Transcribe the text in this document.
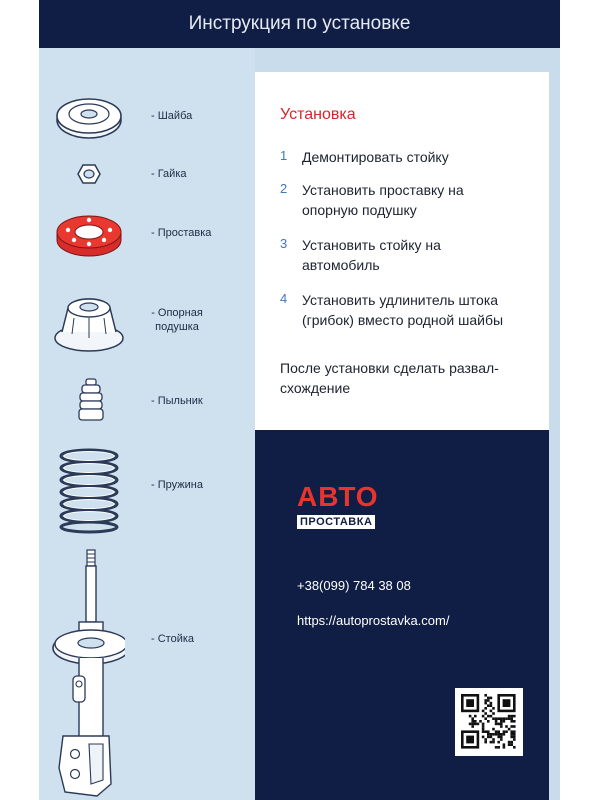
Инструкция по установке
- Шайба
- Гайка
- Проставка
- Опорная подушка
- Пыльник
- Пружина
- Стойка
Установка
1 Демонтировать стойку
2 Установить проставку на опорную подушку
3 Установить стойку на автомобиль
4 Установить удлинитель штока (грибок) вместо родной шайбы
После установки сделать развал-схождение
АВТО
ПРОСТАВКА
+38(099) 784 38 08
https://autoprostavka.com/
